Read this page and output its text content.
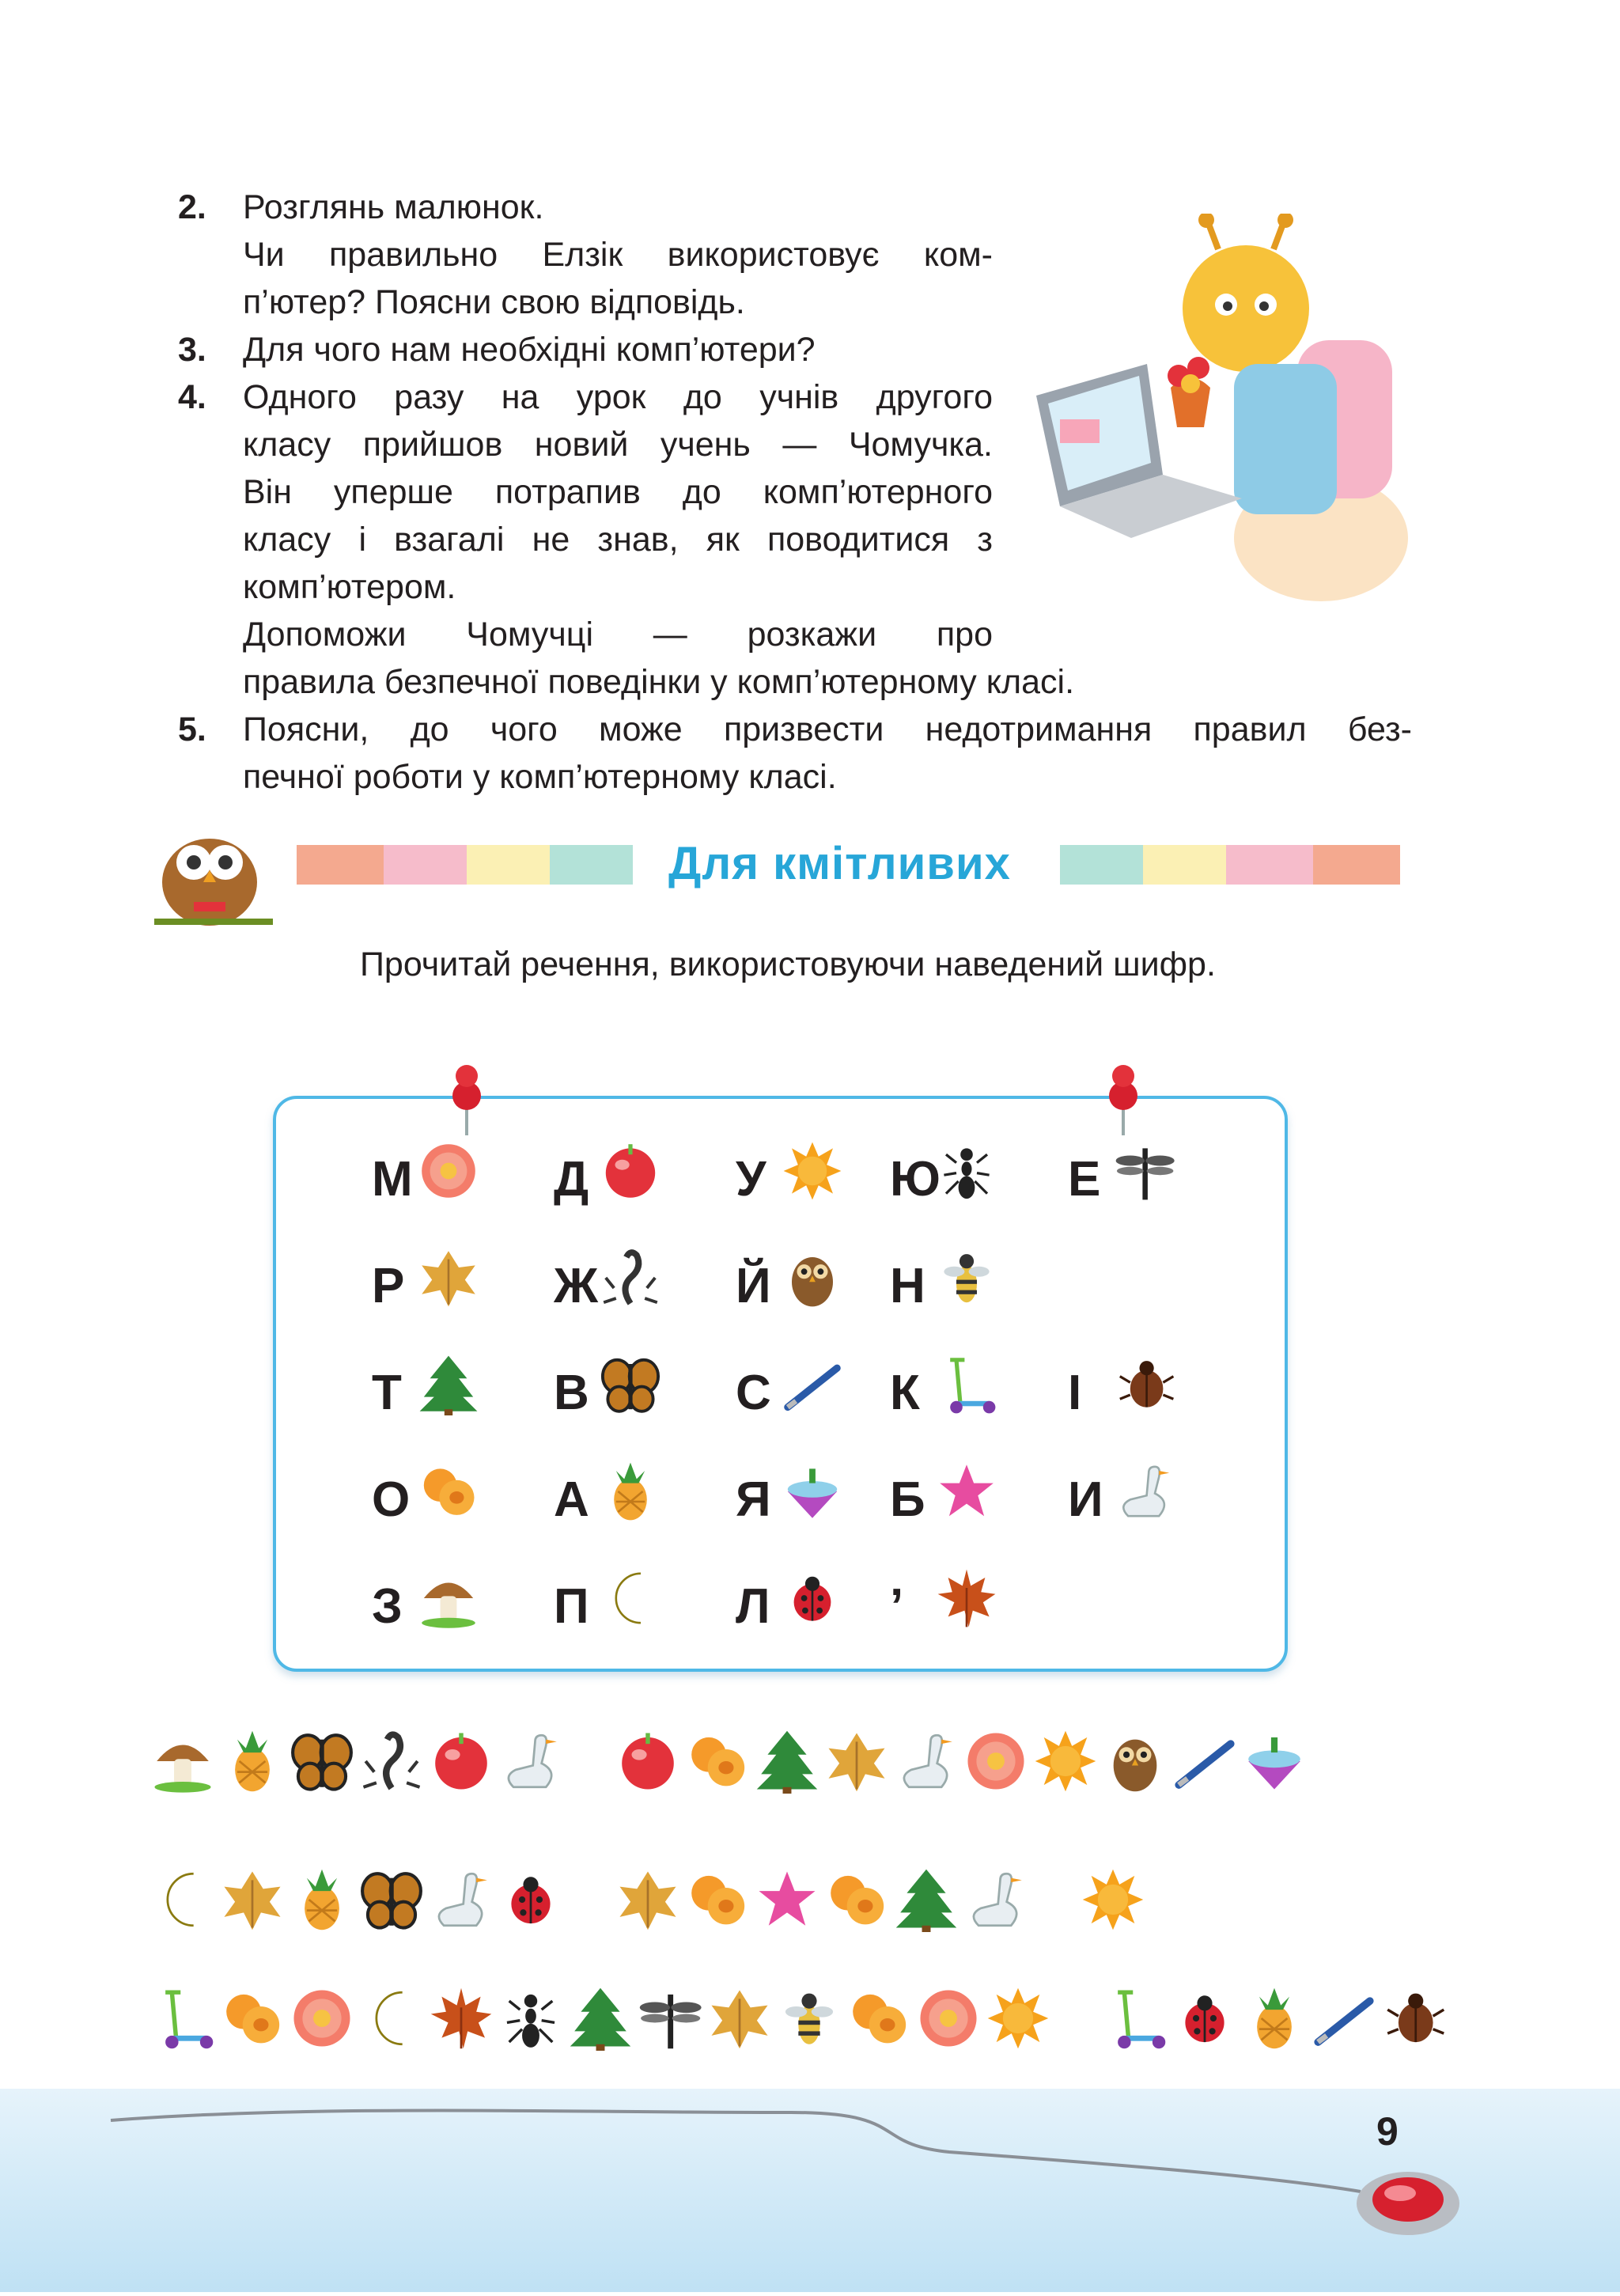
2. Розглянь малюнок.

Чи правильно Елзік використовує ком-

п’ютер? Поясни свою відповідь.

3. Для чого нам необхідні комп’ютери?

4. Одного разу на урок до учнів другого

класу прийшов новий учень — Чомучка.

Він уперше потрапив до комп’ютерного

класу і взагалі не знав, як поводитися з

комп’ютером.

Допоможи Чомучці — розкажи про

правила безпечної поведінки у комп’ютерному класі.

5. Поясни, до чого може призвести недотримання правил без-

печної роботи у комп’ютерному класі.

Для кмітливих
Прочитай речення, використовуючи наведений шифр.
М	Д	У	Ю	Е
Р	Ж	Й Н
Т	В	С К	І
О	А	Я Б	И
З	П	Л ’
9
